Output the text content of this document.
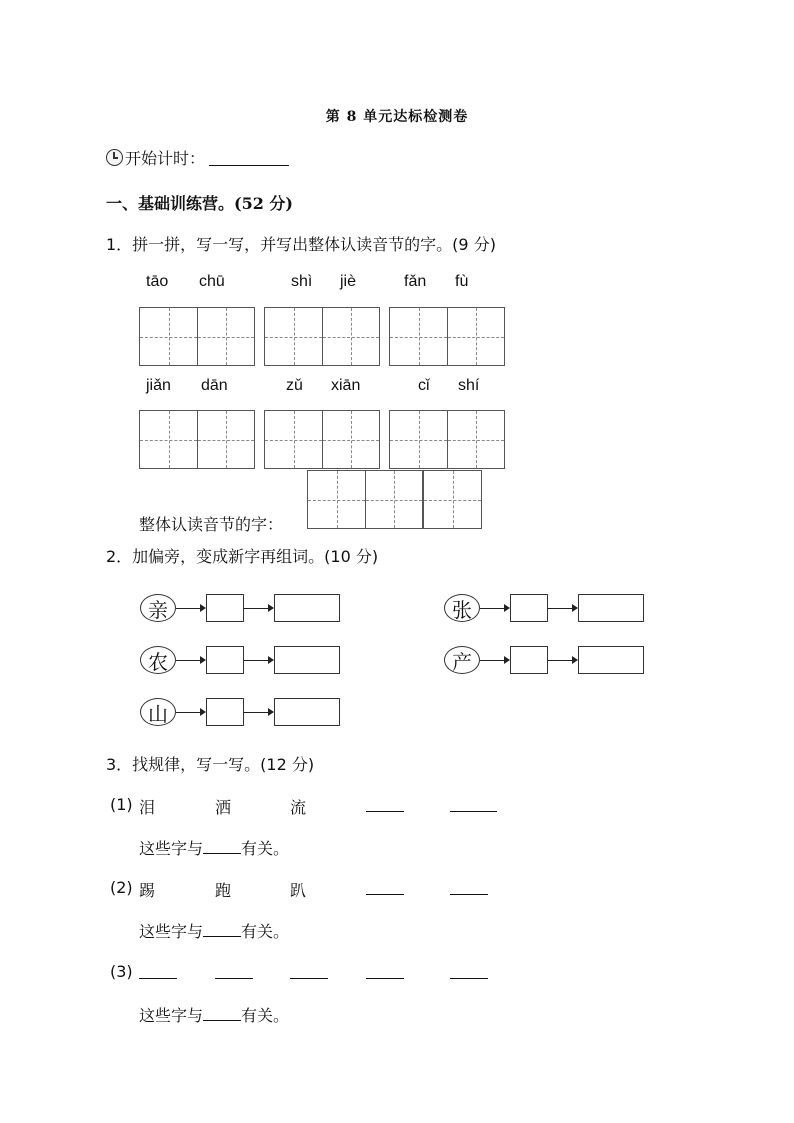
第 8 单元达标检测卷
开始计时：
一、基础训练营。(52 分)
1．拼一拼，写一写，并写出整体认读音节的字。(9 分)
tāo chū	shì jiè	fǎn fù
jiǎn dān	zǔ xiān	cǐ shí
整体认读音节的字：
2．加偏旁，变成新字再组词。(10 分)
亲
农
山
张
产
3．找规律，写一写。(12 分)
(1) 泪	洒	流
这些字与 有关。
(2) 踢	跑	趴
这些字与 有关。
(3)
这些字与 有关。
